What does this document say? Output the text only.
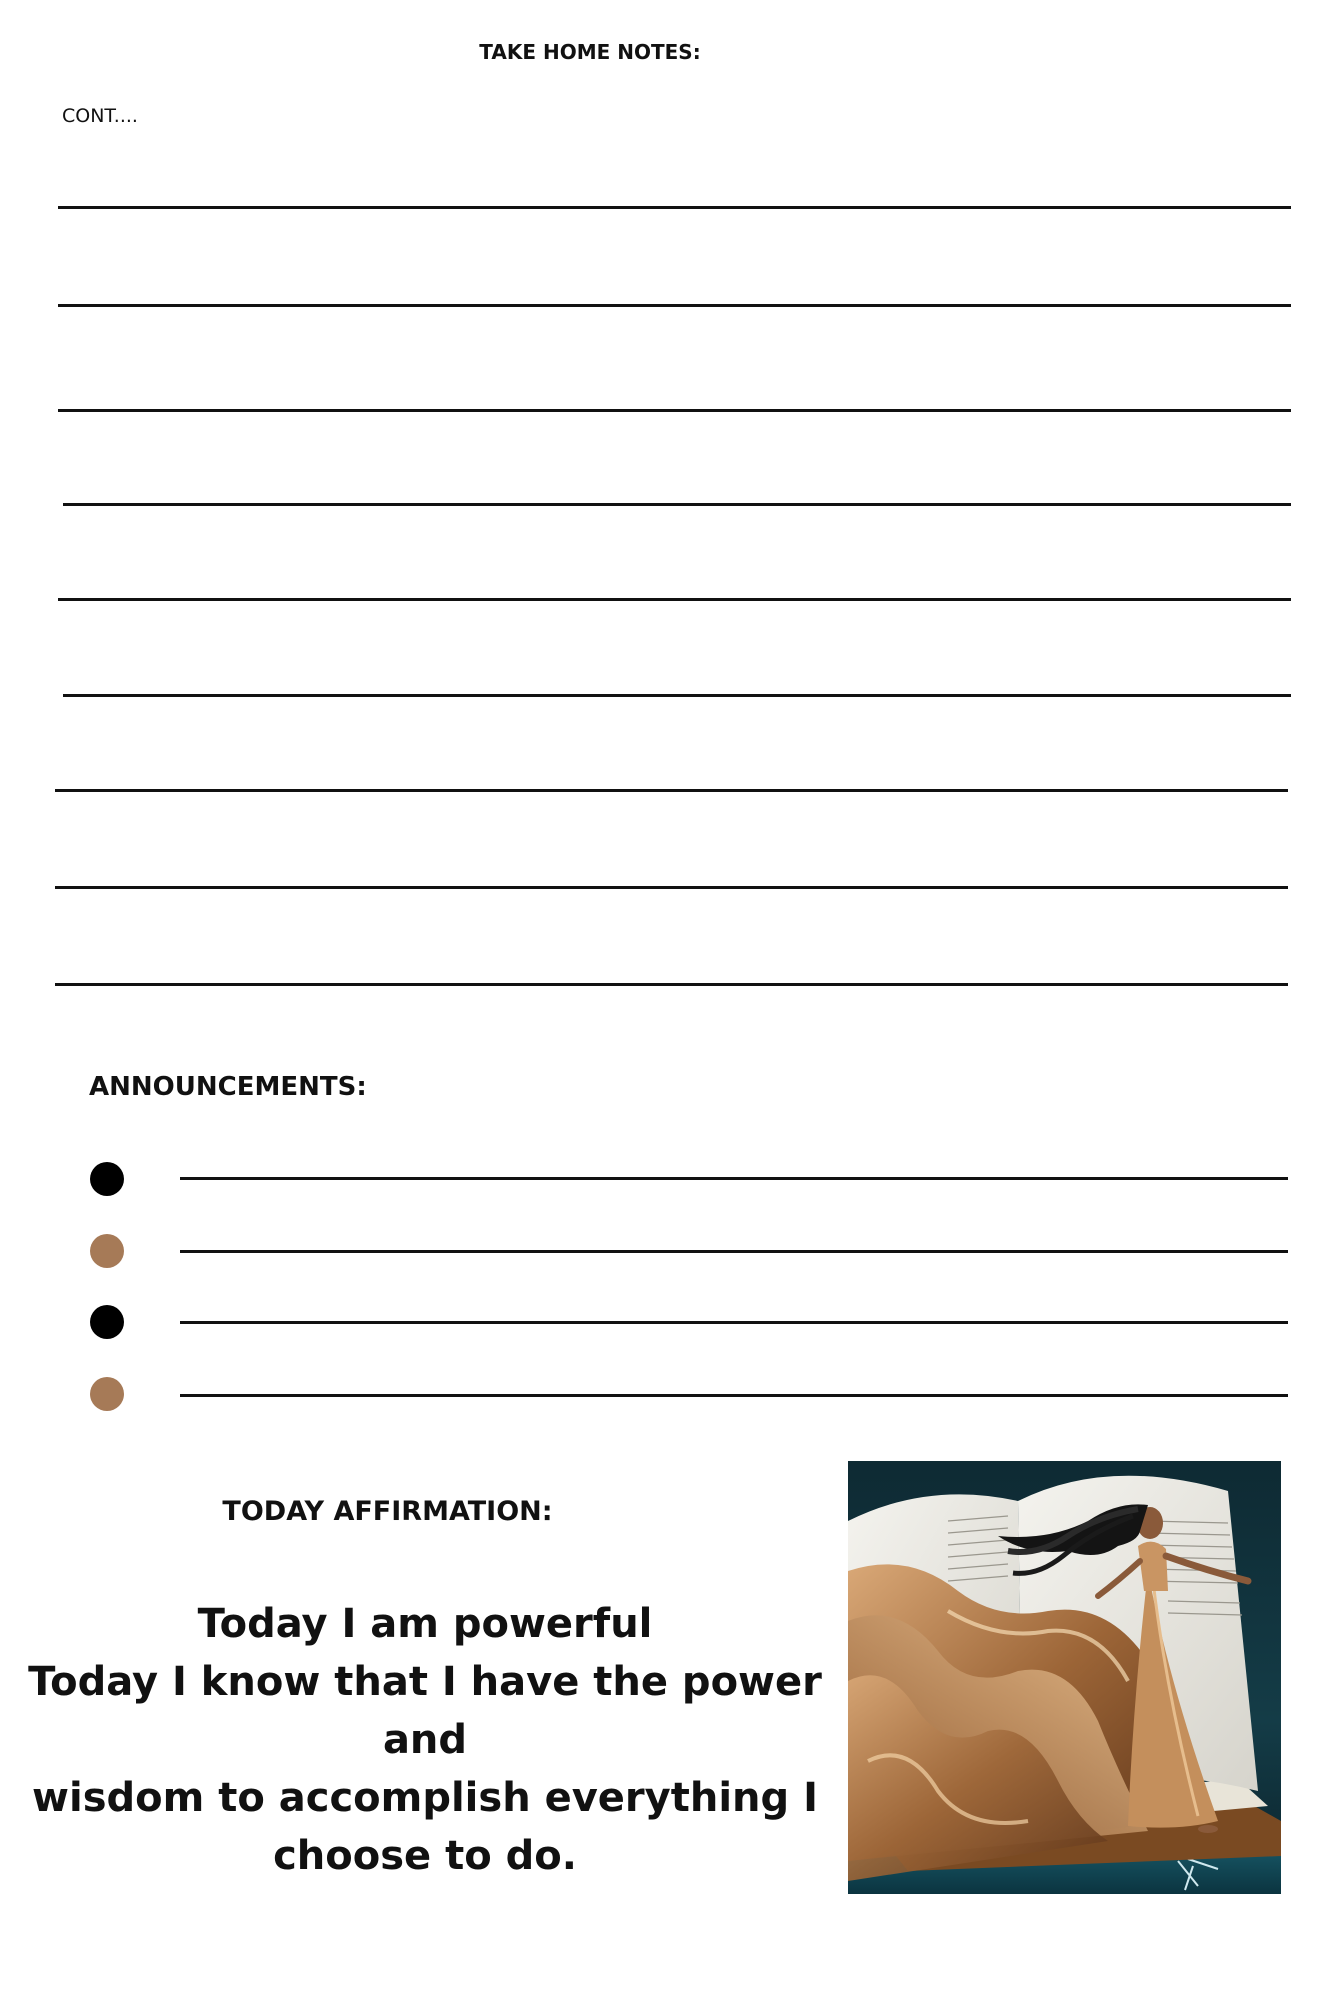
TAKE HOME NOTES:
CONT....
ANNOUNCEMENTS:
TODAY AFFIRMATION:
Today I am powerful
Today I know that I have the power and
wisdom to accomplish everything I
choose to do.
